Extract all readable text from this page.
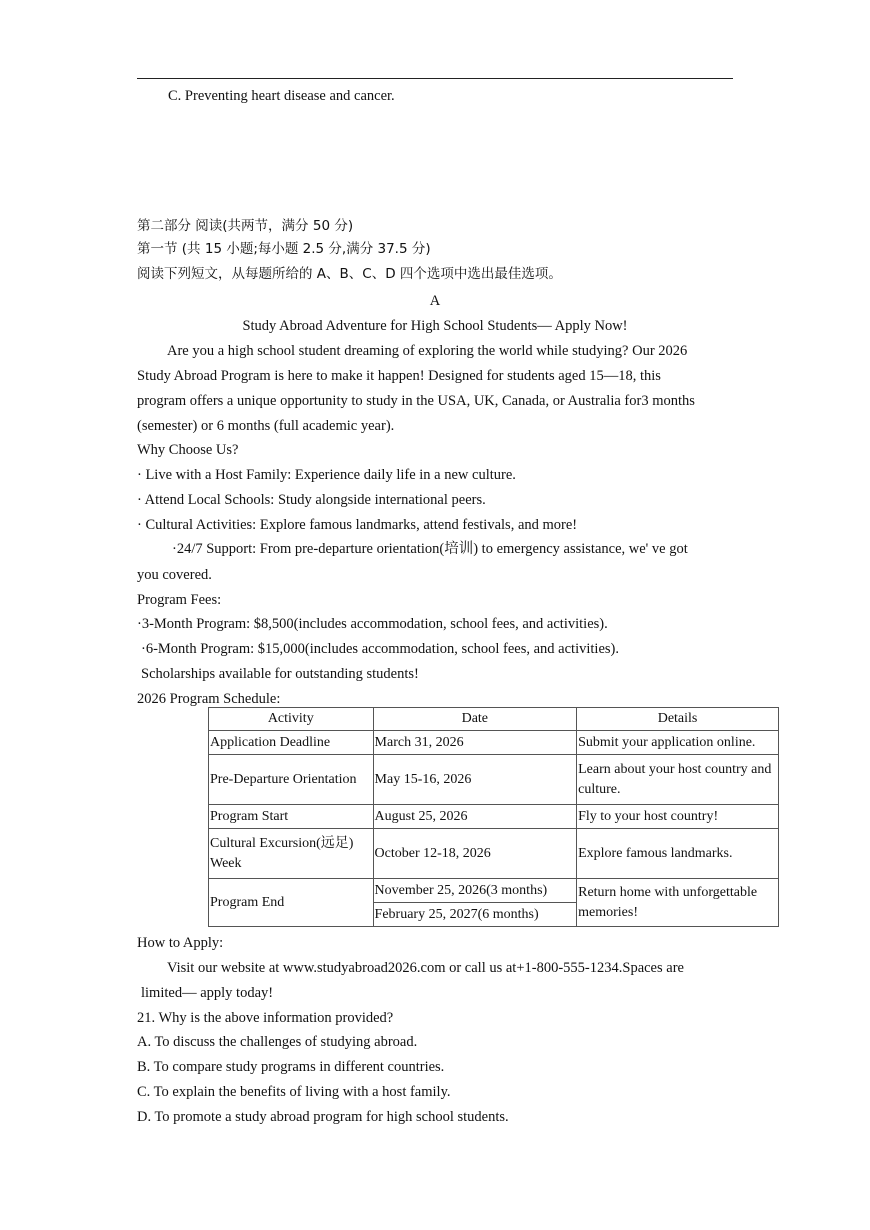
C. Preventing heart disease and cancer.
第二部分 阅读(共两节，满分 50 分)
第一节 (共 15 小题;每小题 2.5 分,满分 37.5 分)
阅读下列短文，从每题所给的 A、B、C、D 四个选项中选出最佳选项。
A
Study Abroad Adventure for High School Students— Apply Now!
Are you a high school student dreaming of exploring the world while studying? Our 2026
Study Abroad Program is here to make it happen! Designed for students aged 15—18, this
program offers a unique opportunity to study in the USA, UK, Canada, or Australia for3 months
(semester) or 6 months (full academic year).
Why Choose Us?
· Live with a Host Family: Experience daily life in a new culture.
· Attend Local Schools: Study alongside international peers.
· Cultural Activities: Explore famous landmarks, attend festivals, and more!
·24/7 Support: From pre-departure orientation(培训) to emergency assistance, we' ve got
you covered.
Program Fees:
·3-Month Program: $8,500(includes accommodation, school fees, and activities).
·6-Month Program: $15,000(includes accommodation, school fees, and activities).
Scholarships available for outstanding students!
2026 Program Schedule:
Activity	Date	Details
Application Deadline	March 31, 2026	Submit your application online.
Pre-Departure Orientation	May 15-16, 2026	Learn about your host country and culture.
Program Start	August 25, 2026	Fly to your host country!
Cultural Excursion(远足) Week	October 12-18, 2026	Explore famous landmarks.
Program End	November 25, 2026(3 months)	Return home with unforgettable memories!
	February 25, 2027(6 months)	
How to Apply:
Visit our website at www.studyabroad2026.com or call us at+1-800-555-1234.Spaces are
limited— apply today!
21. Why is the above information provided?
A. To discuss the challenges of studying abroad.
B. To compare study programs in different countries.
C. To explain the benefits of living with a host family.
D. To promote a study abroad program for high school students.
